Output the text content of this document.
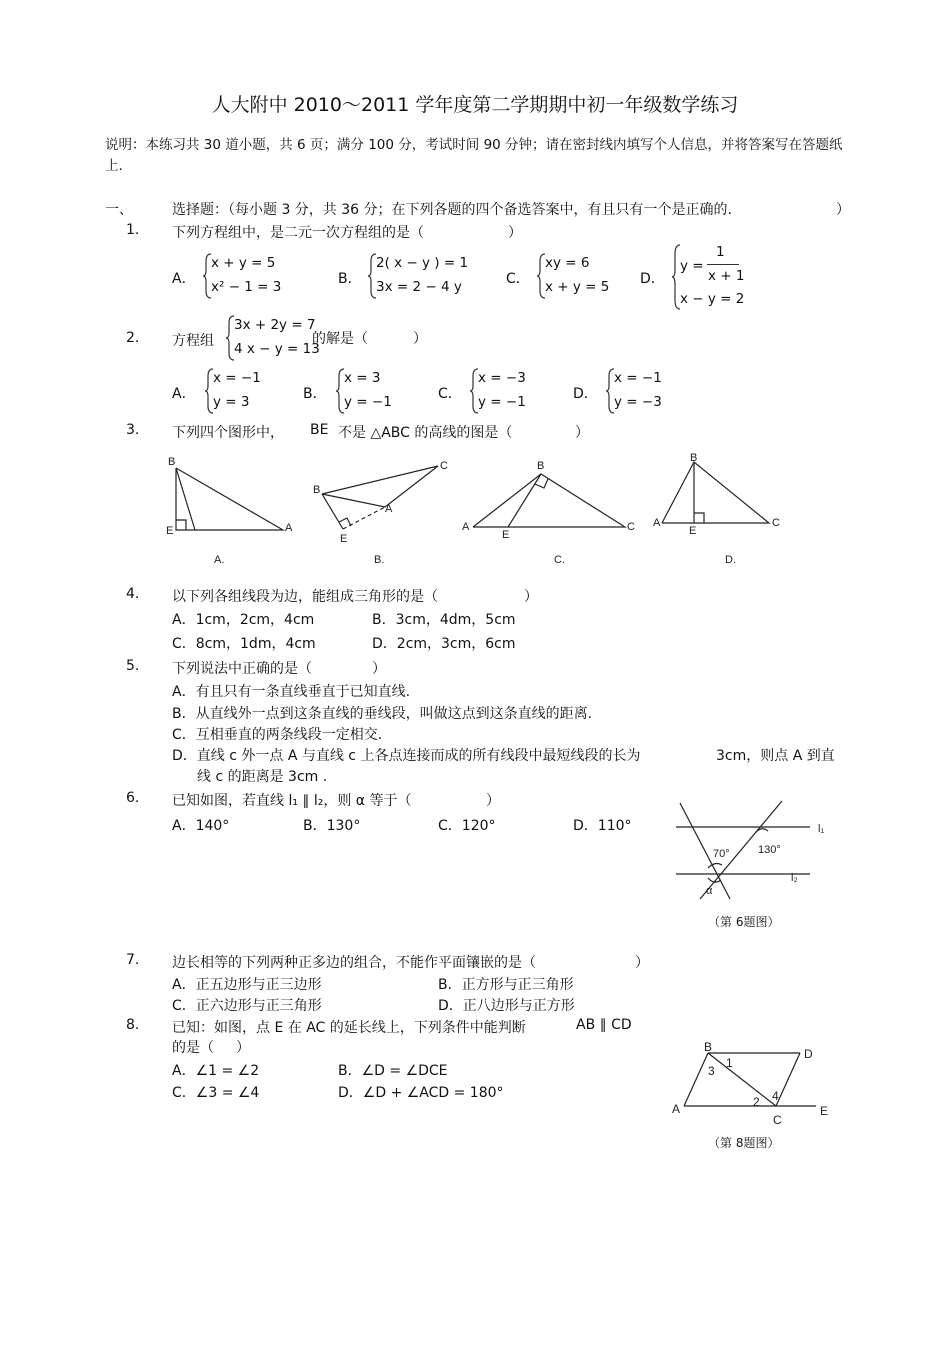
人大附中 2010～2011 学年度第二学期期中初一年级数学练习
说明：本练习共 30 道小题，共 6 页；满分 100 分，考试时间 90 分钟；请在密封线内填写个人信息，并将答案写在答题纸上.
一、	选择题：（每小题 3 分，共 36 分；在下列各题的四个备选答案中，有且只有一个是正确的.	）
1. 下列方程组中，是二元一次方程组的是（	）
A．
x + y = 5
x² − 1 = 3	B．
2( x − y ) = 1
3x = 2 − 4 y	C．
xy = 6
x + y = 5 D．
y =
1
x + 1
x − y = 2
2. 方程组
3x + 2y = 7
4 x − y = 13
的解是（	）
A．
x = −1
y = 3	B．
x = 3
y = −1	C．
x = −3
y = −1	D．
x = −1
y = −3
3. 下列四个图形中， BE 不是 △ABC 的高线的图是（	）
B
E	A
A.
B
C
A
E
B.
B
A
E
C
C.
B
A
E
C
D.
4. 以下列各组线段为边，能组成三角形的是（	）
A．1cm，2cm，4cm	B．3cm，4dm，5cm
C．8cm，1dm，4cm	D．2cm，3cm，6cm
5. 下列说法中正确的是（	）
A．有且只有一条直线垂直于已知直线.
B．从直线外一点到这条直线的垂线段，叫做这点到这条直线的距离.
C．互相垂直的两条线段一定相交.
D．直线 c 外一点 A 与直线 c 上各点连接而成的所有线段中最短线段的长为	3cm，则点 A 到直
线 c 的距离是 3cm .
6. 已知如图，若直线 l₁ ∥ l₂，则 α 等于（	）
A．140°	B．130°	C．120°	D．110°
70°	130°
l₁
l₂
α
（第 6题图）
7. 边长相等的下列两种正多边的组合，不能作平面镶嵌的是（	）
A．正五边形与正三边形	B．正方形与正三角形
C．正六边形与正三角形	D．正八边形与正方形
8. 已知：如图，点 E 在 AC 的延长线上，下列条件中能判断	AB ∥ CD
的是（ ）
A．∠1 = ∠2	B．∠D = ∠DCE
C．∠3 = ∠4	D．∠D + ∠ACD = 180°
B	D
A
C
E
1
3
2 4
（第 8题图）
